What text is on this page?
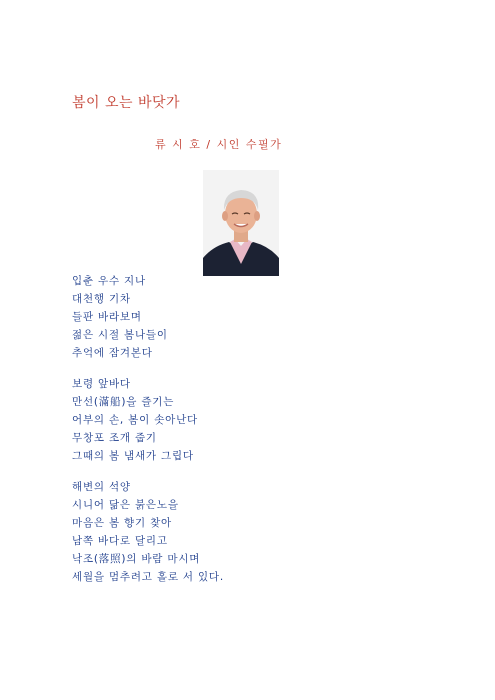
봄이 오는 바닷가
류 시 호 / 시인 수필가
입춘 우수 지나
대천행 기차
들판 바라보며
젊은 시절 봄나들이
추억에 잠겨본다
보령 앞바다
만선(滿船)을 즐기는
어부의 손, 봄이 솟아난다
무창포 조개 줍기
그때의 봄 냄새가 그립다
해변의 석양
시니어 닮은 붉은노을
마음은 봄 향기 찾아
남쪽 바다로 달리고
낙조(落照)의 바람 마시며
세월을 멈추려고 홀로 서 있다.
